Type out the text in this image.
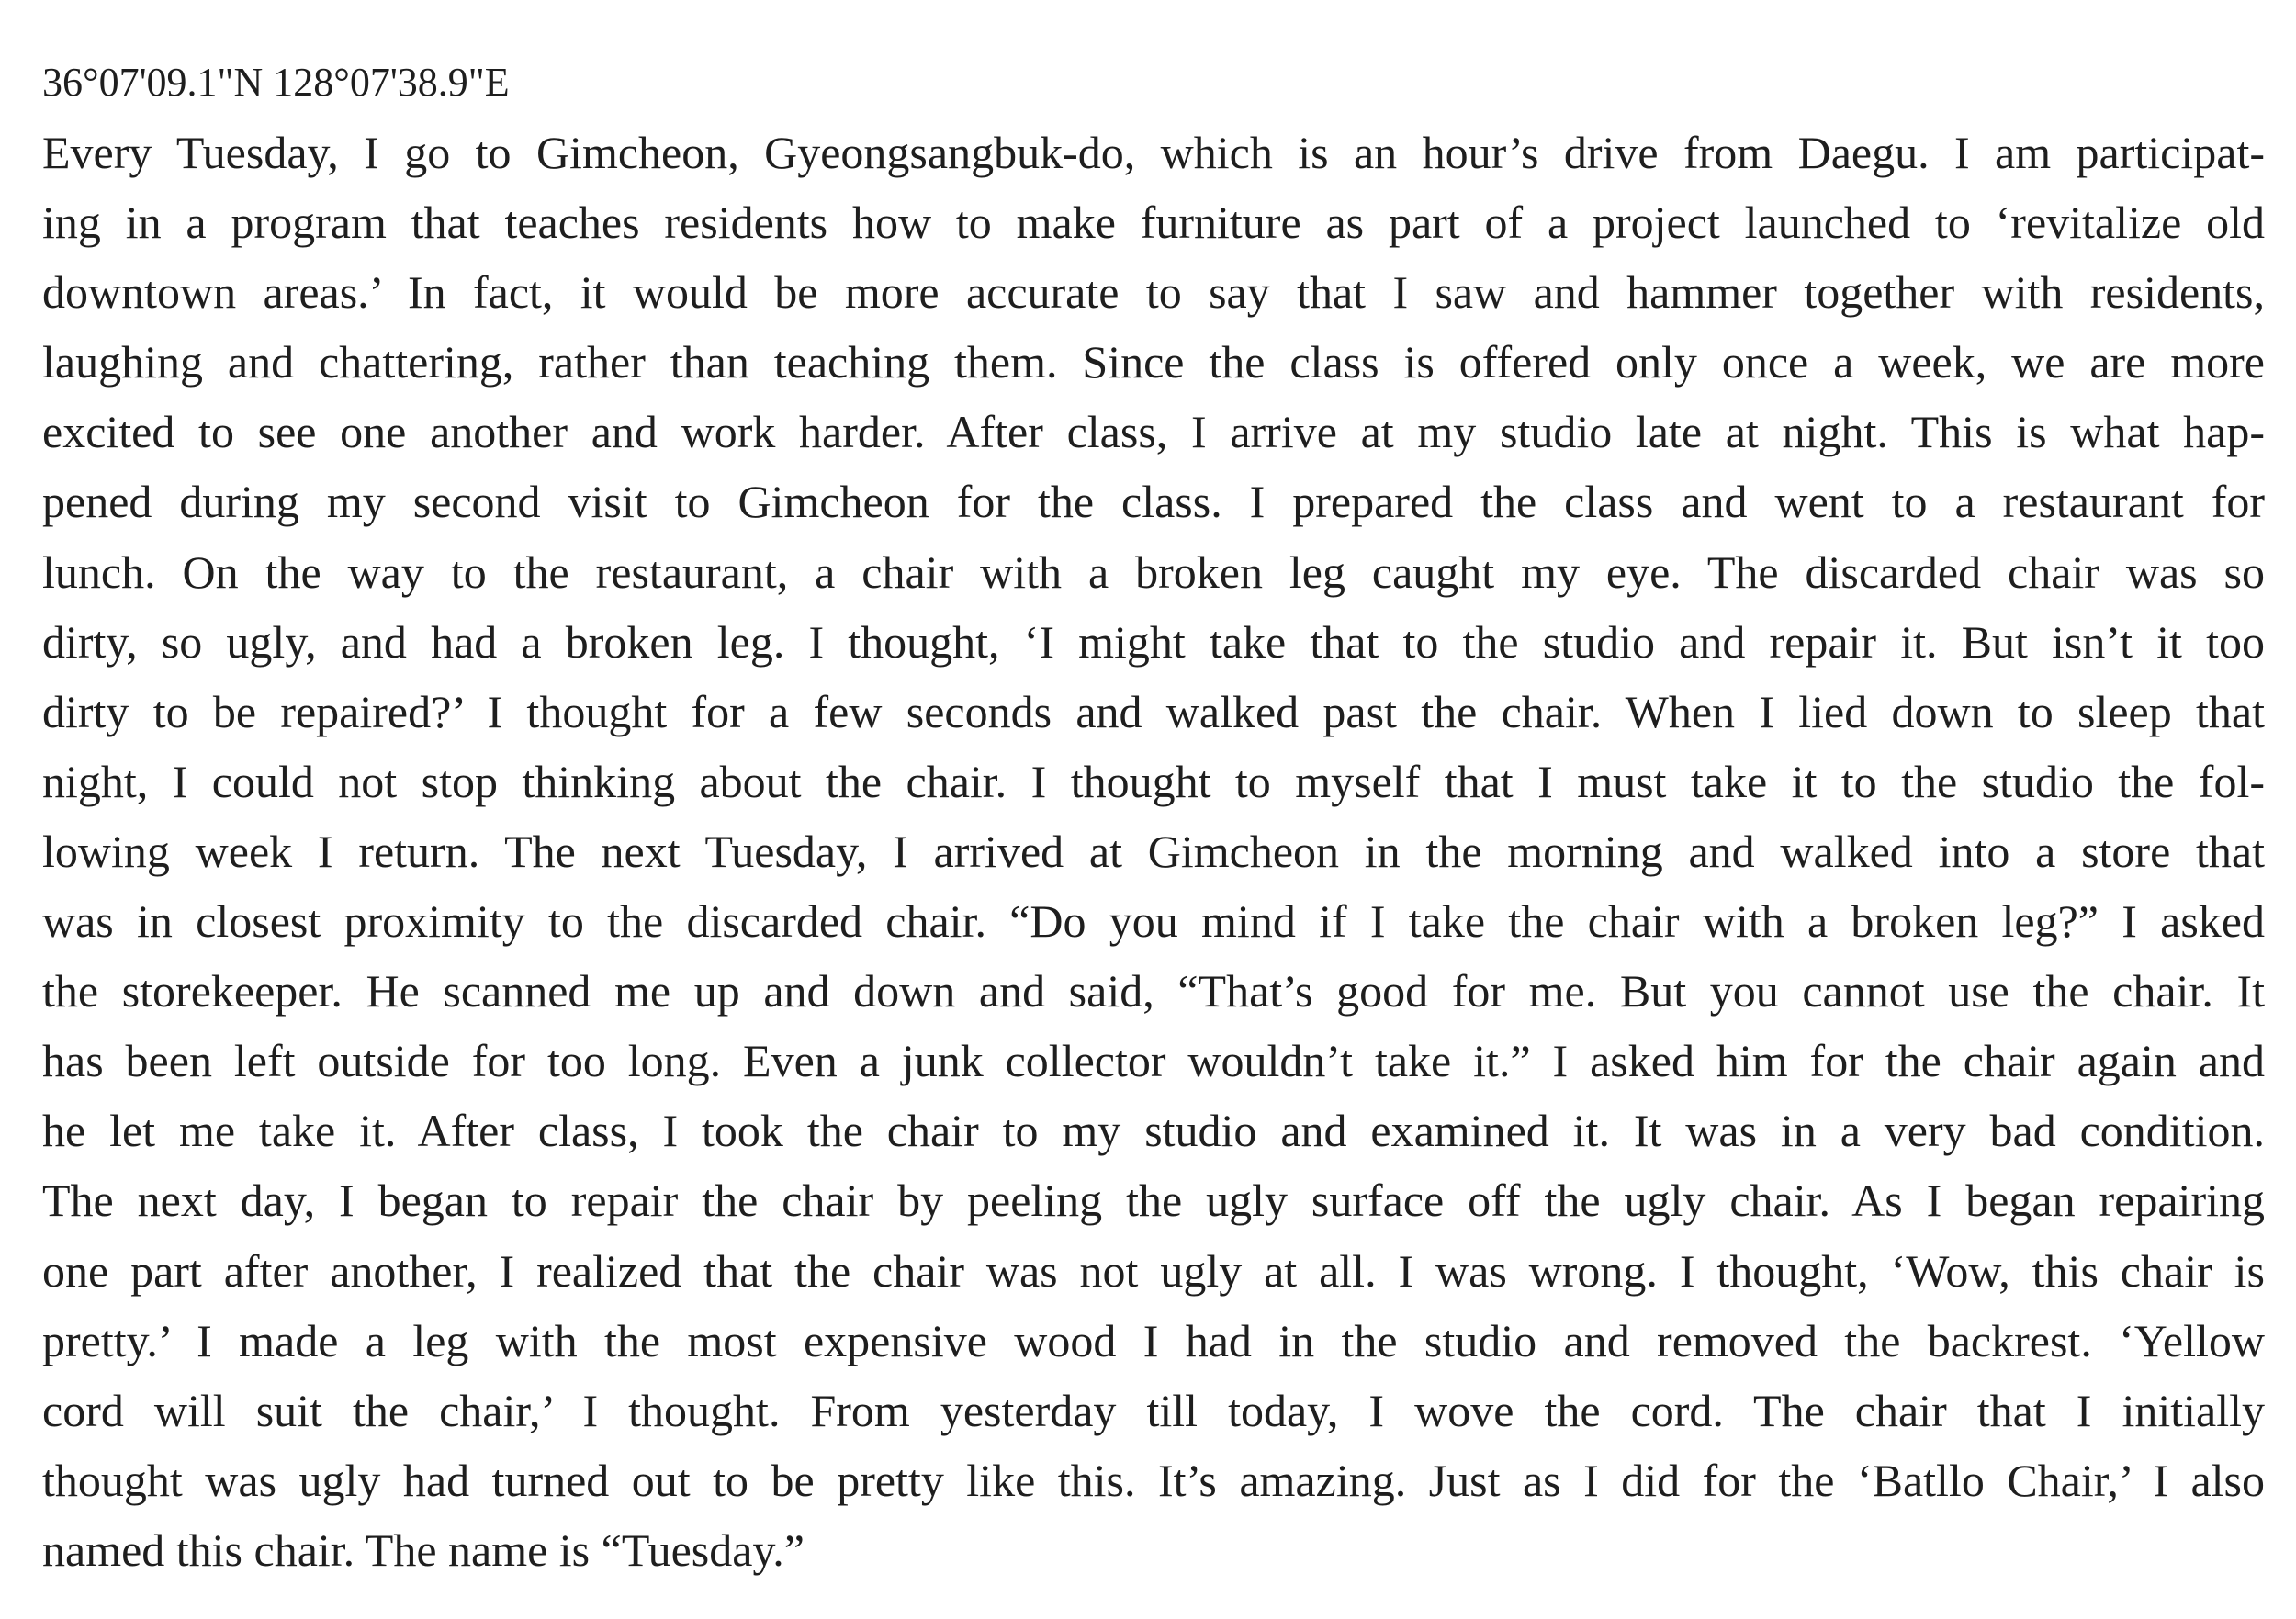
36°07'09.1"N 128°07'38.9"E
Every Tuesday, I go to Gimcheon, Gyeongsangbuk-do, which is an hour’s drive from Daegu. I am participat-
ing in a program that teaches residents how to make furniture as part of a project launched to ‘revitalize old
downtown areas.’ In fact, it would be more accurate to say that I saw and hammer together with residents,
laughing and chattering, rather than teaching them. Since the class is offered only once a week, we are more
excited to see one another and work harder. After class, I arrive at my studio late at night. This is what hap-
pened during my second visit to Gimcheon for the class. I prepared the class and went to a restaurant for
lunch. On the way to the restaurant, a chair with a broken leg caught my eye. The discarded chair was so
dirty, so ugly, and had a broken leg. I thought, ‘I might take that to the studio and repair it. But isn’t it too
dirty to be repaired?’ I thought for a few seconds and walked past the chair. When I lied down to sleep that
night, I could not stop thinking about the chair. I thought to myself that I must take it to the studio the fol-
lowing week I return. The next Tuesday, I arrived at Gimcheon in the morning and walked into a store that
was in closest proximity to the discarded chair. “Do you mind if I take the chair with a broken leg?” I asked
the storekeeper. He scanned me up and down and said, “That’s good for me. But you cannot use the chair. It
has been left outside for too long. Even a junk collector wouldn’t take it.” I asked him for the chair again and
he let me take it. After class, I took the chair to my studio and examined it. It was in a very bad condition.
The next day, I began to repair the chair by peeling the ugly surface off the ugly chair. As I began repairing
one part after another, I realized that the chair was not ugly at all. I was wrong. I thought, ‘Wow, this chair is
pretty.’ I made a leg with the most expensive wood I had in the studio and removed the backrest. ‘Yellow
cord will suit the chair,’ I thought. From yesterday till today, I wove the cord. The chair that I initially
thought was ugly had turned out to be pretty like this. It’s amazing. Just as I did for the ‘Batllo Chair,’ I also
named this chair. The name is “Tuesday.”
